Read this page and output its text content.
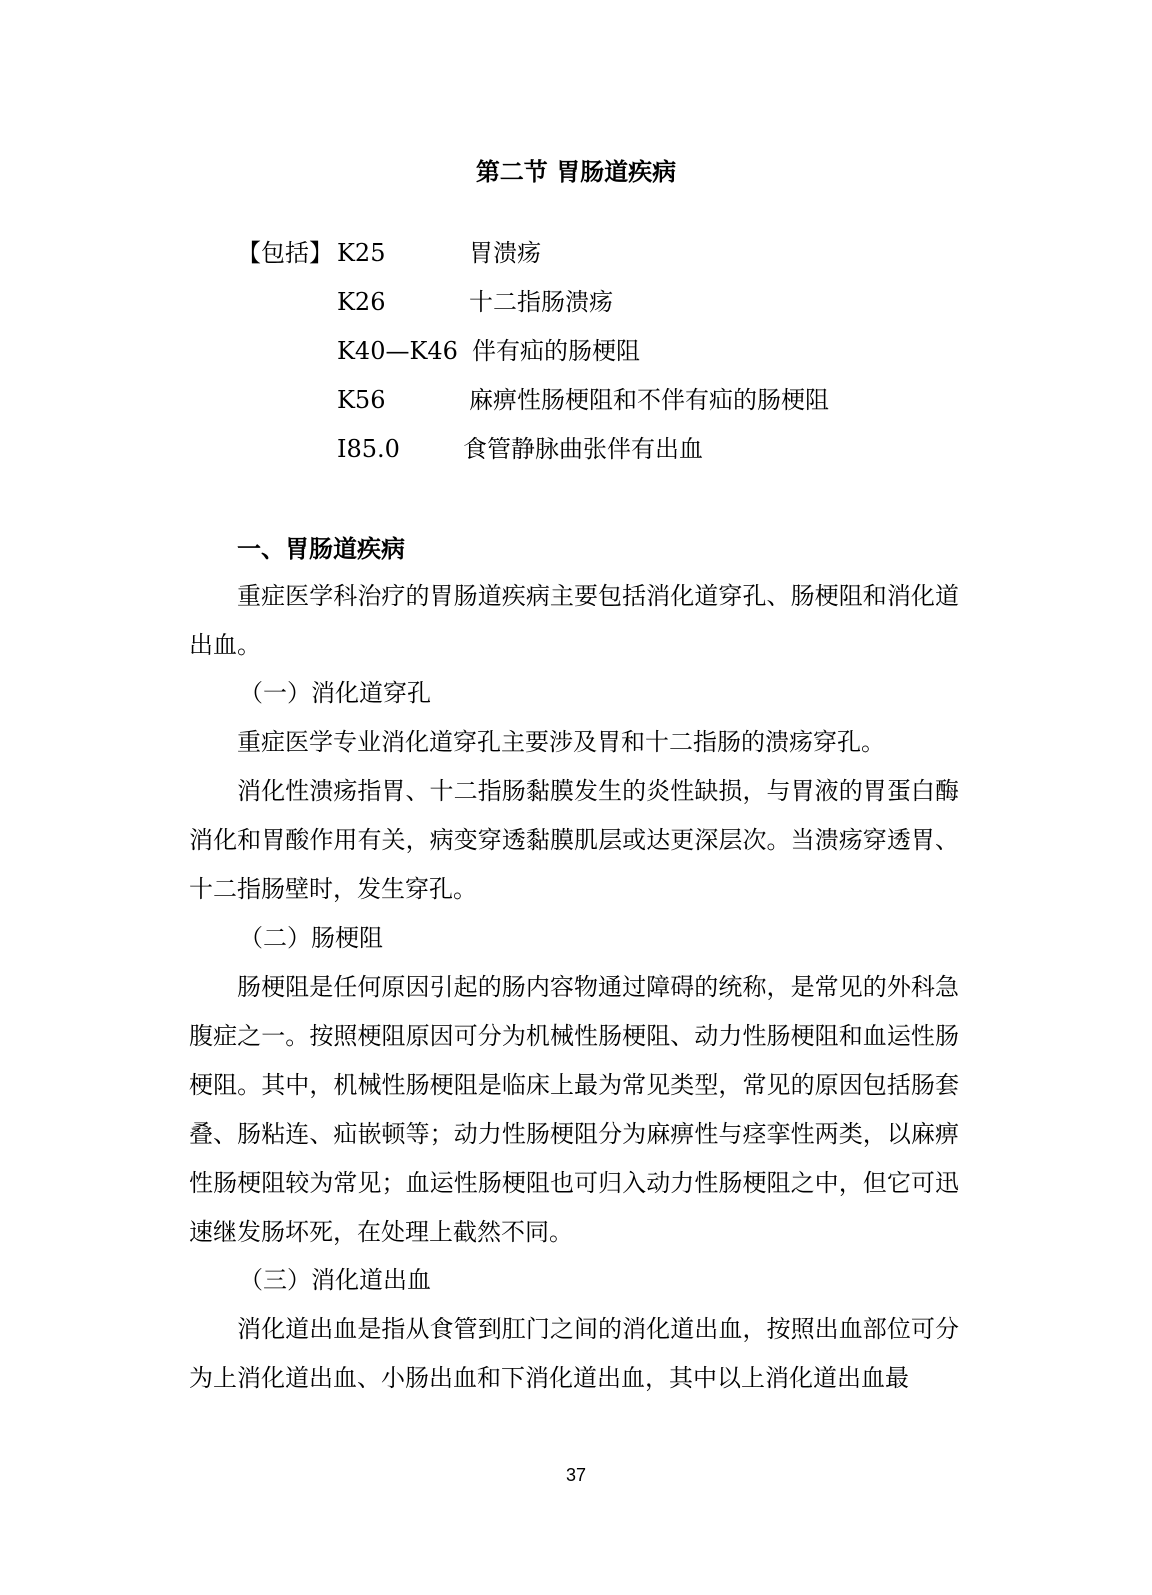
第二节 胃肠道疾病
【包括】 K25	胃溃疡
K26	十二指肠溃疡
K40—K46 伴有疝的肠梗阻
K56	麻痹性肠梗阻和不伴有疝的肠梗阻
I85.0	食管静脉曲张伴有出血
一、胃肠道疾病

重症医学科治疗的胃肠道疾病主要包括消化道穿孔、肠梗阻和消化道出血。

（一）消化道穿孔

重症医学专业消化道穿孔主要涉及胃和十二指肠的溃疡穿孔。

消化性溃疡指胃、十二指肠黏膜发生的炎性缺损，与胃液的胃蛋白酶消化和胃酸作用有关，病变穿透黏膜肌层或达更深层次。当溃疡穿透胃、十二指肠壁时，发生穿孔。

（二）肠梗阻

肠梗阻是任何原因引起的肠内容物通过障碍的统称，是常见的外科急腹症之一。按照梗阻原因可分为机械性肠梗阻、动力性肠梗阻和血运性肠梗阻。其中，机械性肠梗阻是临床上最为常见类型，常见的原因包括肠套叠、肠粘连、疝嵌顿等；动力性肠梗阻分为麻痹性与痉挛性两类，以麻痹性肠梗阻较为常见；血运性肠梗阻也可归入动力性肠梗阻之中，但它可迅速继发肠坏死，在处理上截然不同。

（三）消化道出血

消化道出血是指从食管到肛门之间的消化道出血，按照出血部位可分为上消化道出血、小肠出血和下消化道出血，其中以上消化道出血最

37
